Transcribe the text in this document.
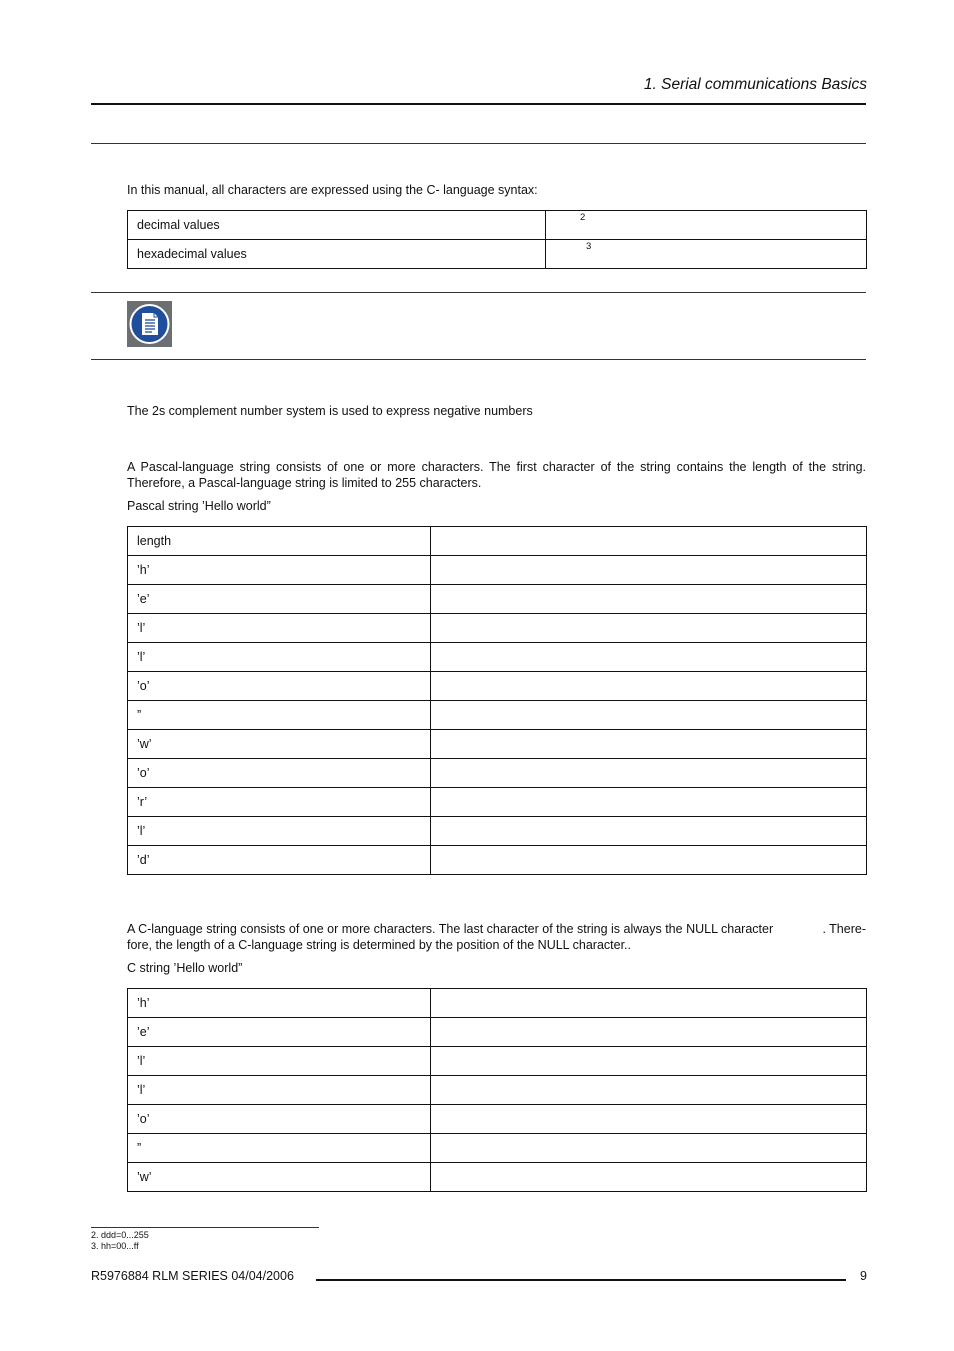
1. Serial communications Basics
In this manual, all characters are expressed using the C- language syntax:
decimal values	$^2$
hexadecimal values	$^3$
The 2s complement number system is used to express negative numbers
A Pascal-language string consists of one or more characters. The first character of the string contains the length of the string. Therefore, a Pascal-language string is limited to 255 characters.
Pascal string ’Hello world”
length	
’h’	
’e’	
’l’	
’l’	
’o’	
”	
’w’	
’o’	
’r’	
’l’	
’d’	
A C-language string consists of one or more characters. The last character of the string is always the NULL character	. There-
fore, the length of a C-language string is determined by the position of the NULL character..
C string ’Hello world”
’h’	
’e’	
’l’	
’l’	
’o’	
”	
’w’	
2. ddd=0...255
3. hh=00...ff
R5976884 RLM SERIES 04/04/2006	9
